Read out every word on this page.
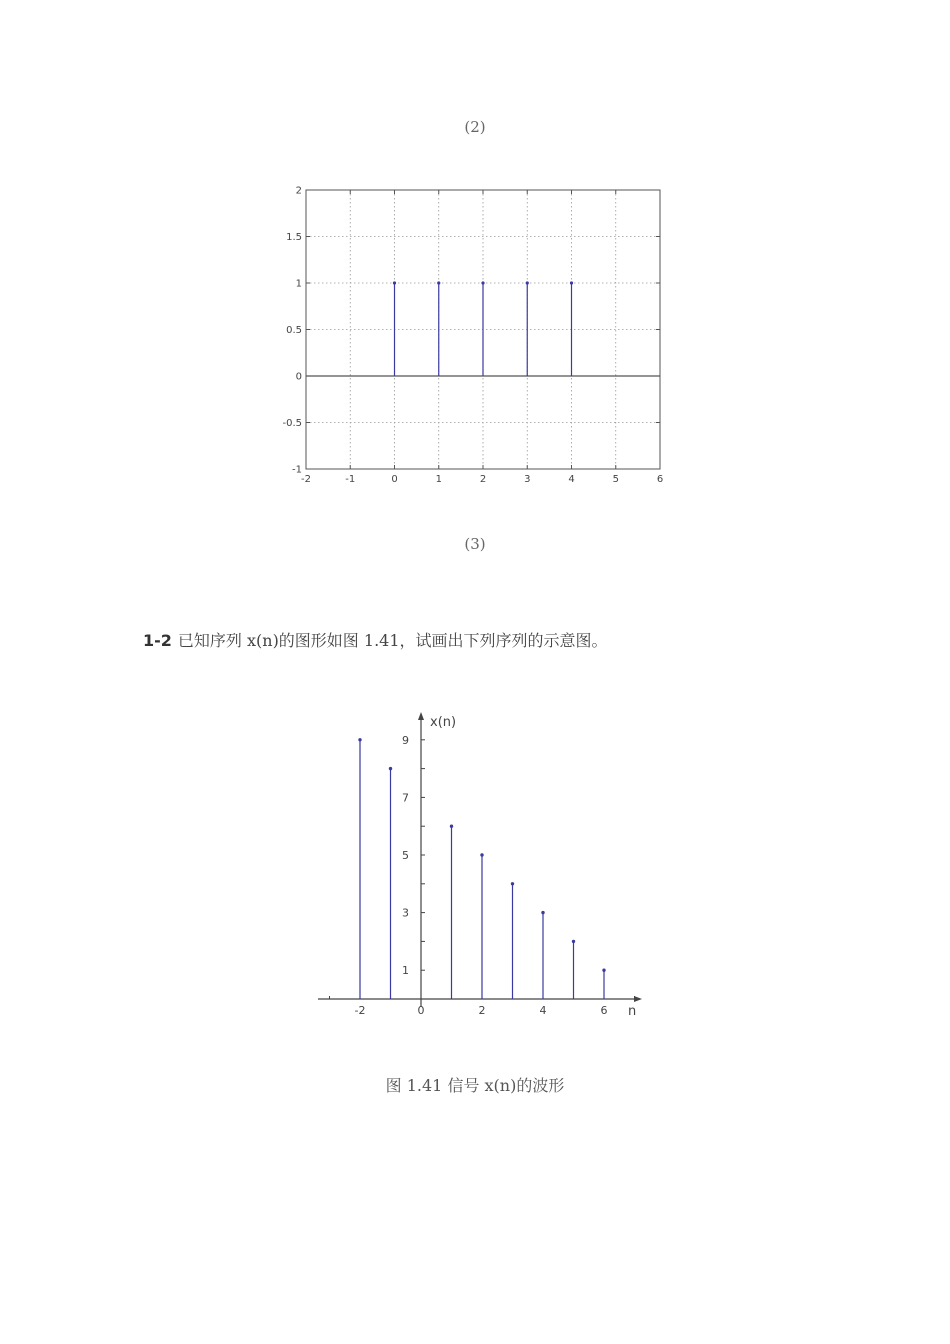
(2)
-2	-1	0	1	2	3	4	5	6
-1
-0.5
0
0.5
1
1.5
2
1
3
5
7
9
-2	0	2	4	6
x(n)
n
(3)
1-2 已知序列 x(n)的图形如图 1.41，试画出下列序列的示意图。
图 1.41 信号 x(n)的波形
